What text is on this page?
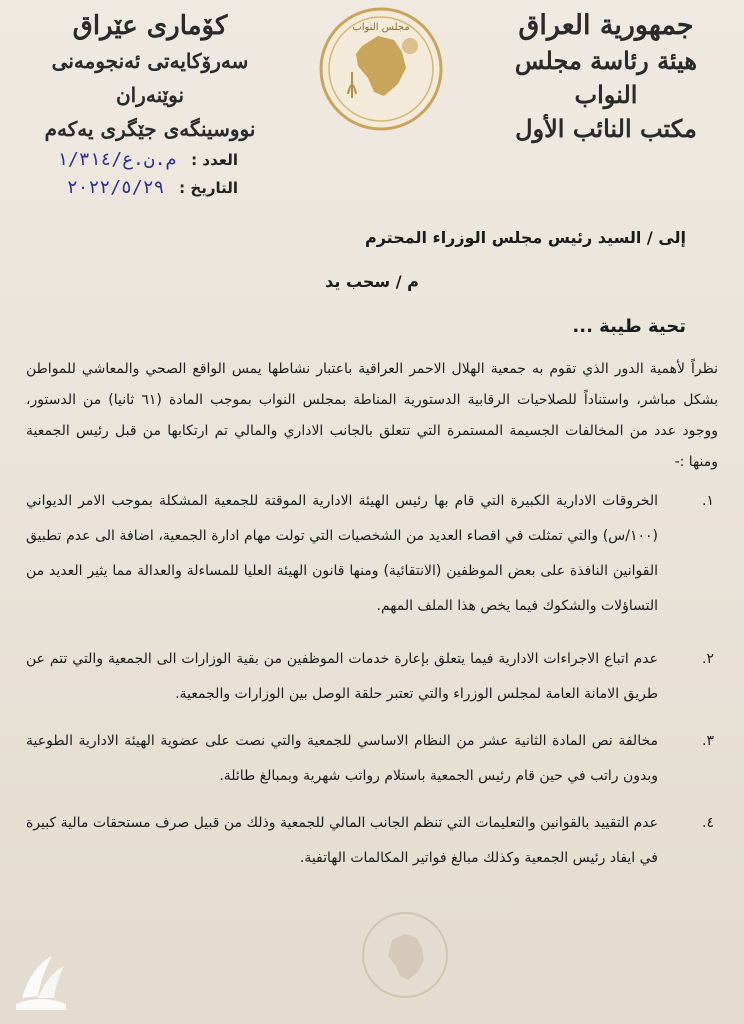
جمهورية العراق
هيئة رئاسة مجلس النواب
مكتب النائب الأول
کۆماری عێراق
سەرۆکایەتی ئەنجومەنی نوێنەران
نووسینگەی جێگری یەکەم
مجلس النواب
العدد : م.ن.ع/١/٣١٤
التاريخ : ٢٠٢٢/٥/٢٩
إلى / السيد رئيس مجلس الوزراء المحترم
م / سحب يد
تحية طيبة ...
نظراً لأهمية الدور الذي تقوم به جمعية الهلال الاحمر العراقية باعتبار نشاطها يمس الواقع الصحي والمعاشي للمواطن بشكل مباشر، واستناداً للصلاحيات الرقابية الدستورية المناطة بمجلس النواب بموجب المادة (٦١ ثانيا) من الدستور، ووجود عدد من المخالفات الجسيمة المستمرة التي تتعلق بالجانب الاداري والمالي تم ارتكابها من قبل رئيس الجمعية ومنها :-
١.
الخروقات الادارية الكبيرة التي قام بها رئيس الهيئة الادارية الموقتة للجمعية المشكلة بموجب الامر الديواني (١٠٠/س) والتي تمثلت في اقصاء العديد من الشخصيات التي تولت مهام ادارة الجمعية، اضافة الى عدم تطبيق القوانين النافذة على بعض الموظفين (الانتقائية) ومنها قانون الهيئة العليا للمساءلة والعدالة مما يثير العديد من التساؤلات والشكوك فيما يخص هذا الملف المهم.
٢.
عدم اتباع الاجراءات الادارية فيما يتعلق بإعارة خدمات الموظفين من بقية الوزارات الى الجمعية والتي تتم عن طريق الامانة العامة لمجلس الوزراء والتي تعتبر حلقة الوصل بين الوزارات والجمعية.
٣.
مخالفة نص المادة الثانية عشر من النظام الاساسي للجمعية والتي نصت على عضوية الهيئة الادارية الطوعية وبدون راتب في حين قام رئيس الجمعية باستلام رواتب شهرية وبمبالغ طائلة.
٤.
عدم التقييد بالقوانين والتعليمات التي تنظم الجانب المالي للجمعية وذلك من قبيل صرف مستحقات مالية كبيرة في ايفاد رئيس الجمعية وكذلك مبالغ فواتير المكالمات الهاتفية.
